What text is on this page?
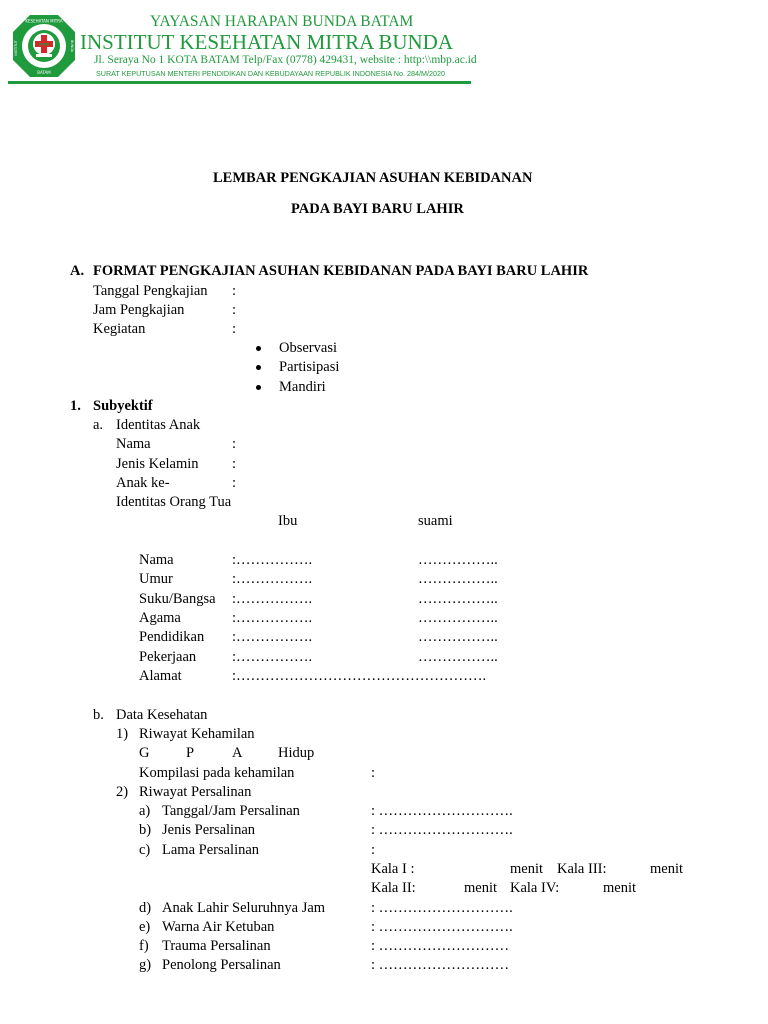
KESEHATAN MITRA
BATAM
INSTITUT	BUNDA
IKMB
YAYASAN HARAPAN BUNDA BATAM
INSTITUT KESEHATAN MITRA BUNDA
Jl. Seraya No 1 KOTA BATAM Telp/Fax (0778) 429431, website : http:\\mbp.ac.id
SURAT KEPUTUSAN MENTERI PENDIDIKAN DAN KEBUDAYAAN REPUBLIK INDONESIA No. 284/M/2020
LEMBAR PENGKAJIAN ASUHAN KEBIDANAN
PADA BAYI BARU LAHIR
A. FORMAT PENGKAJIAN ASUHAN KEBIDANAN PADA BAYI BARU LAHIR
Tanggal Pengkajian :
Jam Pengkajian	:
Kegiatan	:
Observasi
Partisipasi
Mandiri
1. Subyektif
a. Identitas Anak
Nama	:
Jenis Kelamin :
Anak ke-	:
Identitas Orang Tua
Ibu	suami
Nama	:…………….	……………..
Umur	:…………….	……………..
Suku/Bangsa :…………….	……………..
Agama	:…………….	……………..
Pendidikan :…………….	……………..
Pekerjaan :…………….	……………..
Alamat	:…………………………………………….
b. Data Kesehatan
1) Riwayat Kehamilan
G	P	A Hidup
Kompilasi pada kehamilan	:
2) Riwayat Persalinan
a) Tanggal/Jam Persalinan	: ……………………….
b) Jenis Persalinan	: ……………………….
c) Lama Persalinan	:
Kala I :	menit Kala III:	menit
Kala II:	menit Kala IV:	menit
d) Anak Lahir Seluruhnya Jam	: ……………………….
e) Warna Air Ketuban	: ……………………….
f) Trauma Persalinan	: ………………………
g) Penolong Persalinan	: ………………………
